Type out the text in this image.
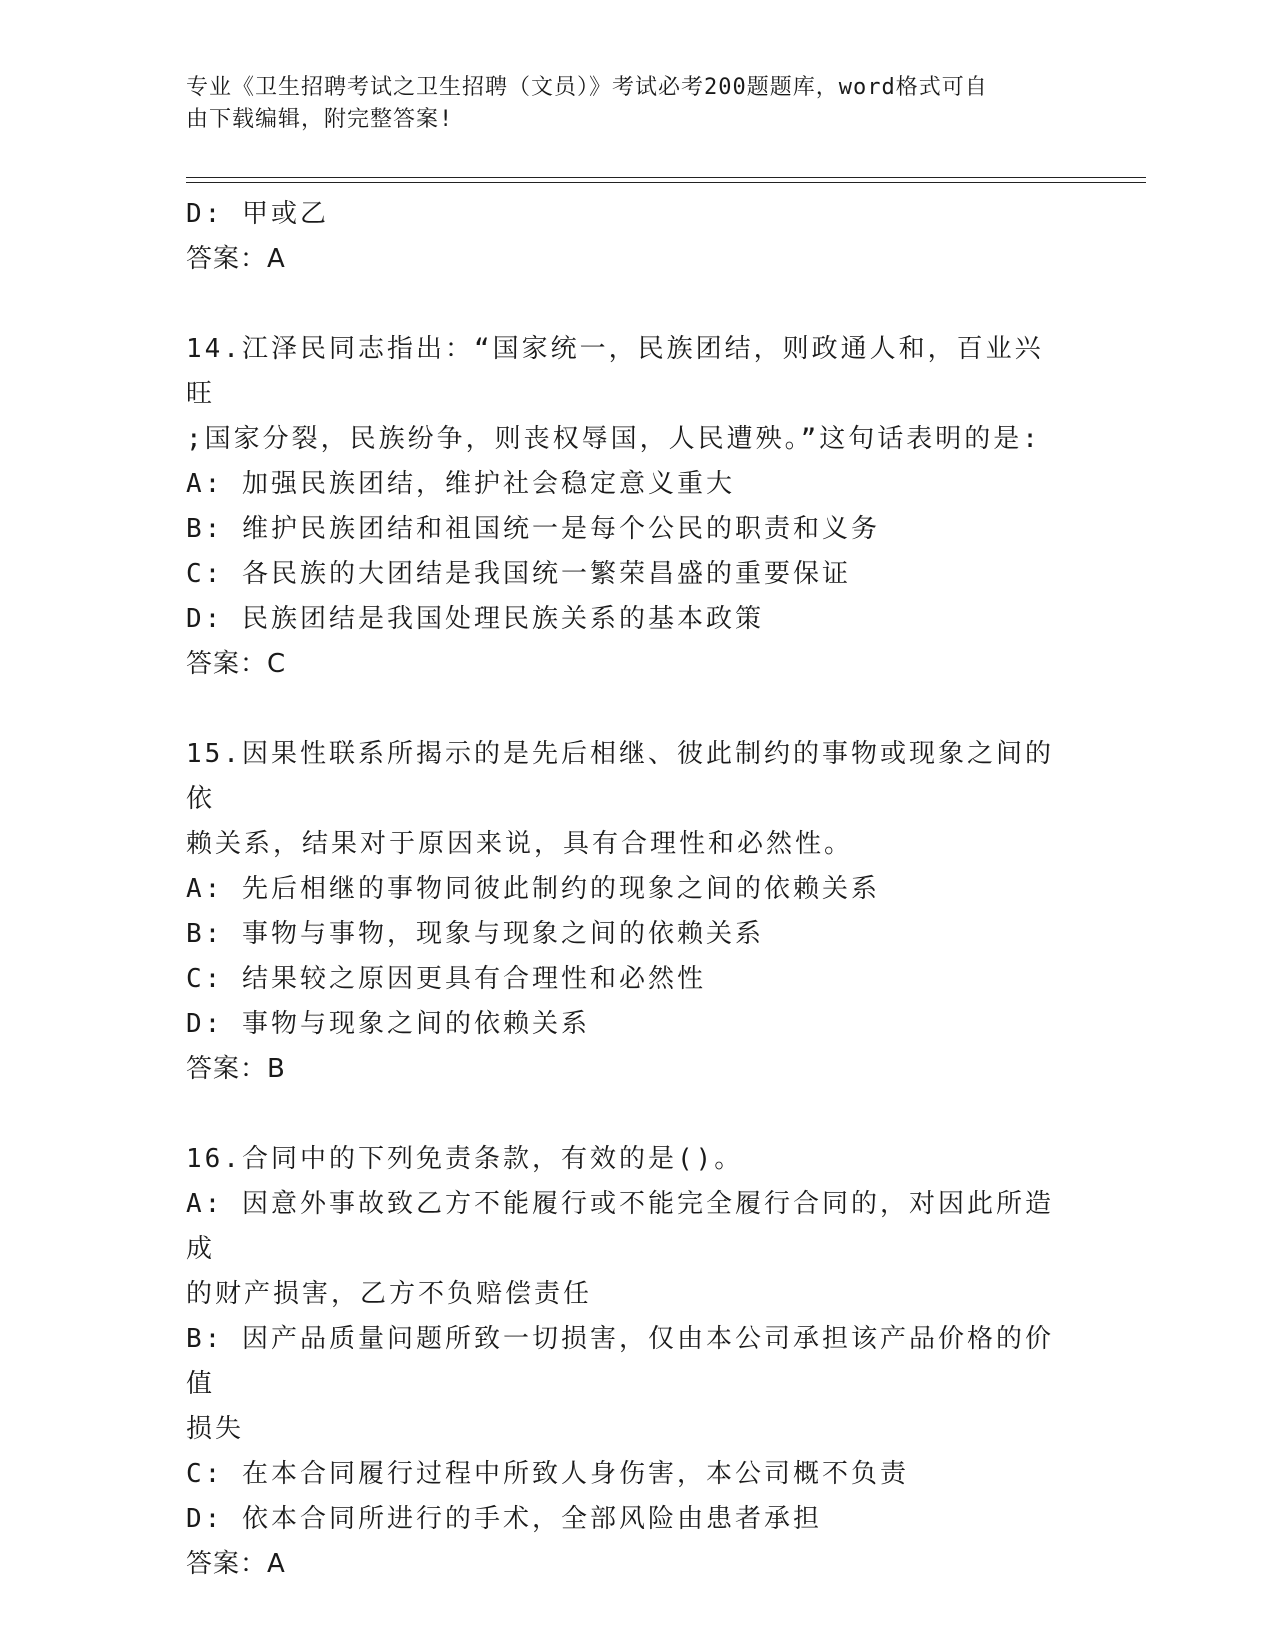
专业《卫生招聘考试之卫生招聘（文员）》考试必考200题题库，word格式可自
由下载编辑，附完整答案!
D: 甲或乙
答案：A
14.江泽民同志指出：“国家统一，民族团结，则政通人和，百业兴旺
;国家分裂，民族纷争，则丧权辱国，人民遭殃。”这句话表明的是:
A: 加强民族团结，维护社会稳定意义重大
B: 维护民族团结和祖国统一是每个公民的职责和义务
C: 各民族的大团结是我国统一繁荣昌盛的重要保证
D: 民族团结是我国处理民族关系的基本政策
答案：C
15.因果性联系所揭示的是先后相继、彼此制约的事物或现象之间的依
赖关系，结果对于原因来说，具有合理性和必然性。
A: 先后相继的事物同彼此制约的现象之间的依赖关系
B: 事物与事物，现象与现象之间的依赖关系
C: 结果较之原因更具有合理性和必然性
D: 事物与现象之间的依赖关系
答案：B
16.合同中的下列免责条款，有效的是()。
A: 因意外事故致乙方不能履行或不能完全履行合同的，对因此所造成
的财产损害，乙方不负赔偿责任
B: 因产品质量问题所致一切损害，仅由本公司承担该产品价格的价值
损失
C: 在本合同履行过程中所致人身伤害，本公司概不负责
D: 依本合同所进行的手术，全部风险由患者承担
答案：A
